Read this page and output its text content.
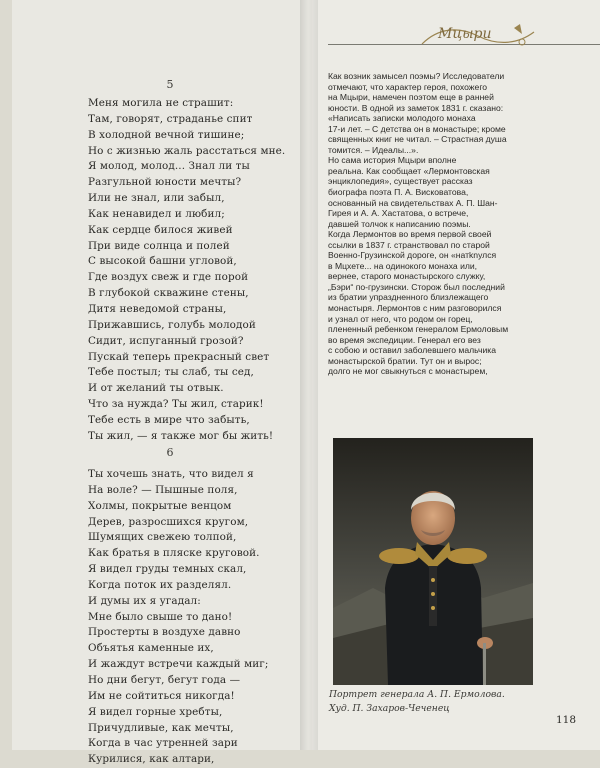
5
Меня могила не страшит:
Там, говорят, страданье спит
В холодной вечной тишине;
Но с жизнью жаль расстаться мне.
Я молод, молод... Знал ли ты
Разгульной юности мечты?
Или не знал, или забыл,
Как ненавидел и любил;
Как сердце билося живей
При виде солнца и полей
С высокой башни угловой,
Где воздух свеж и где порой
В глубокой скважине стены,
Дитя неведомой страны,
Прижавшись, голубь молодой
Сидит, испуганный грозой?
Пускай теперь прекрасный свет
Тебе постыл; ты слаб, ты сед,
И от желаний ты отвык.
Что за нужда? Ты жил, старик!
Тебе есть в мире что забыть,
Ты жил, — я также мог бы жить!
6
Ты хочешь знать, что видел я
На воле? — Пышные поля,
Холмы, покрытые венцом
Дерев, разросшихся кругом,
Шумящих свежею толпой,
Как братья в пляске круговой.
Я видел груды темных скал,
Когда поток их разделял.
И думы их я угадал:
Мне было свыше то дано!
Простерты в воздухе давно
Объятья каменные их,
И жаждут встречи каждый миг;
Но дни бегут, бегут года —
Им не сойтиться никогда!
Я видел горные хребты,
Причудливые, как мечты,
Когда в час утренней зари
Курилися, как алтари,
Мцыри
Как возник замысел поэмы? Исследователи
отмечают, что характер героя, похожего
на Мцыри, намечен поэтом еще в ранней
юности. В одной из заметок 1831 г. сказано:
«Написать записки молодого монаха
17-и лет. – С детства он в монастыре; кроме
священных книг не читал. – Страстная душа
томится. – Идеалы...».
Но сама история Мцыри вполне
реальна. Как сообщает «Лермонтовская
энциклопедия», существует рассказ
биографа поэта П. А. Висковатова,
основанный на свидетельствах А. П. Шан-
Гирея и А. А. Хастатова, о встрече,
давшей толчок к написанию поэмы.
Когда Лермонтов во время первой своей
ссылки в 1837 г. странствовал по старой
Военно-Грузинской дороге, он «натknулся
в Мцхете... на одинокого монаха или,
вернее, старого монастырского служку,
„Бэри“ по-грузински. Сторож был последний
из братии упраздненного близлежащего
монастыря. Лермонтов с ним разговорился
и узнал от него, что родом он горец,
плененный ребенком генералом Ермоловым
во время экспедиции. Генерал его вез
с собою и оставил заболевшего мальчика
монастырской братии. Тут он и вырос;
долго не мог свыкнуться с монастырем,
Портрет генерала А. П. Ермолова.
Худ. П. Захаров-Чеченец
118
